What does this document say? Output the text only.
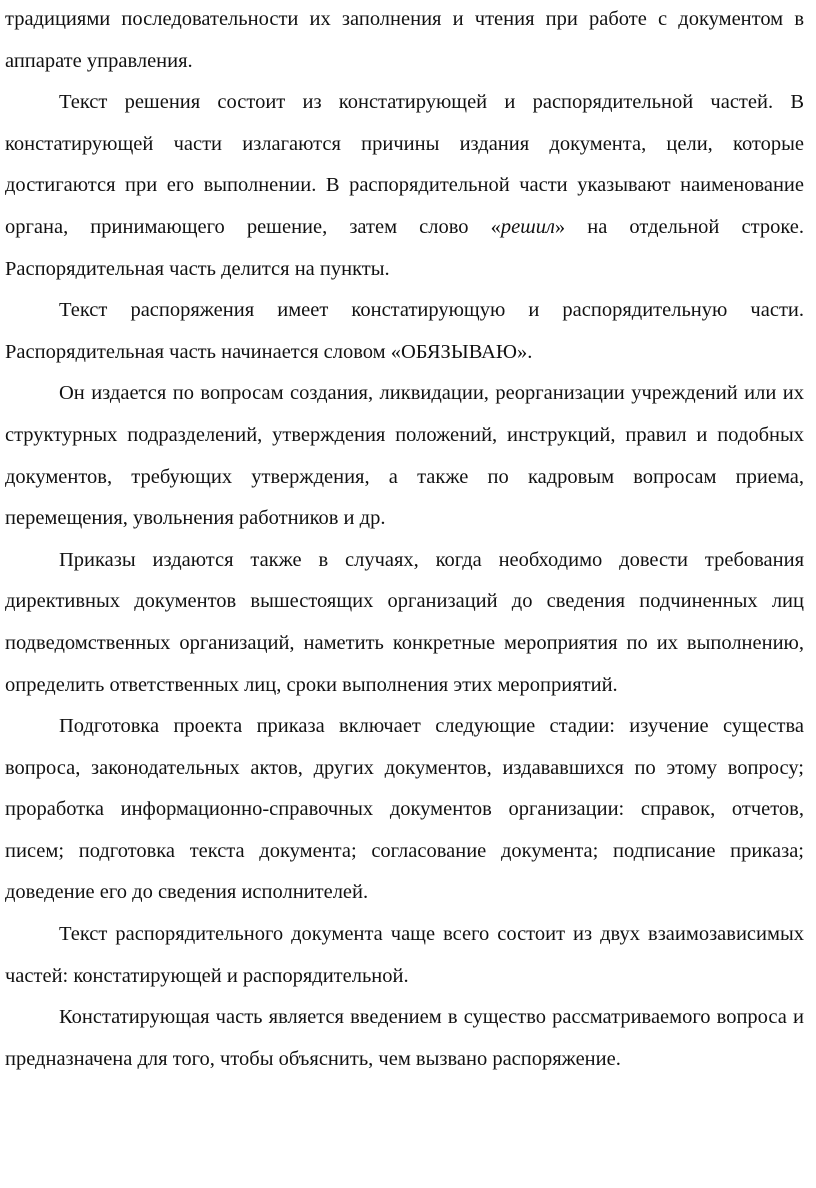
традициями последовательности их заполнения и чтения при работе с документом в аппарате управления.

Текст решения состоит из констатирующей и распорядительной частей. В констатирующей части излагаются причины издания документа, цели, которые достигаются при его выполнении. В распорядительной части указывают наименование органа, принимающего решение, затем слово «решил» на отдельной строке. Распорядительная часть делится на пункты.

Текст распоряжения имеет констатирующую и распорядительную части. Распорядительная часть начинается словом «ОБЯЗЫВАЮ».

Он издается по вопросам создания, ликвидации, реорганизации учреждений или их структурных подразделений, утверждения положений, инструкций, правил и подобных документов, требующих утверждения, а также по кадровым вопросам приема, перемещения, увольнения работников и др.

Приказы издаются также в случаях, когда необходимо довести требования директивных документов вышестоящих организаций до сведения подчиненных лиц подведомственных организаций, наметить конкретные мероприятия по их выполнению, определить ответственных лиц, сроки выполнения этих мероприятий.

Подготовка проекта приказа включает следующие стадии: изучение существа вопроса, законодательных актов, других документов, издававшихся по этому вопросу; проработка информационно-справочных документов организации: справок, отчетов, писем; подготовка текста документа; согласование документа; подписание приказа; доведение его до сведения исполнителей.

Текст распорядительного документа чаще всего состоит из двух взаимозависимых частей: констатирующей и распорядительной.

Констатирующая часть является введением в существо рассматриваемого вопроса и предназначена для того, чтобы объяснить, чем вызвано распоряжение.
